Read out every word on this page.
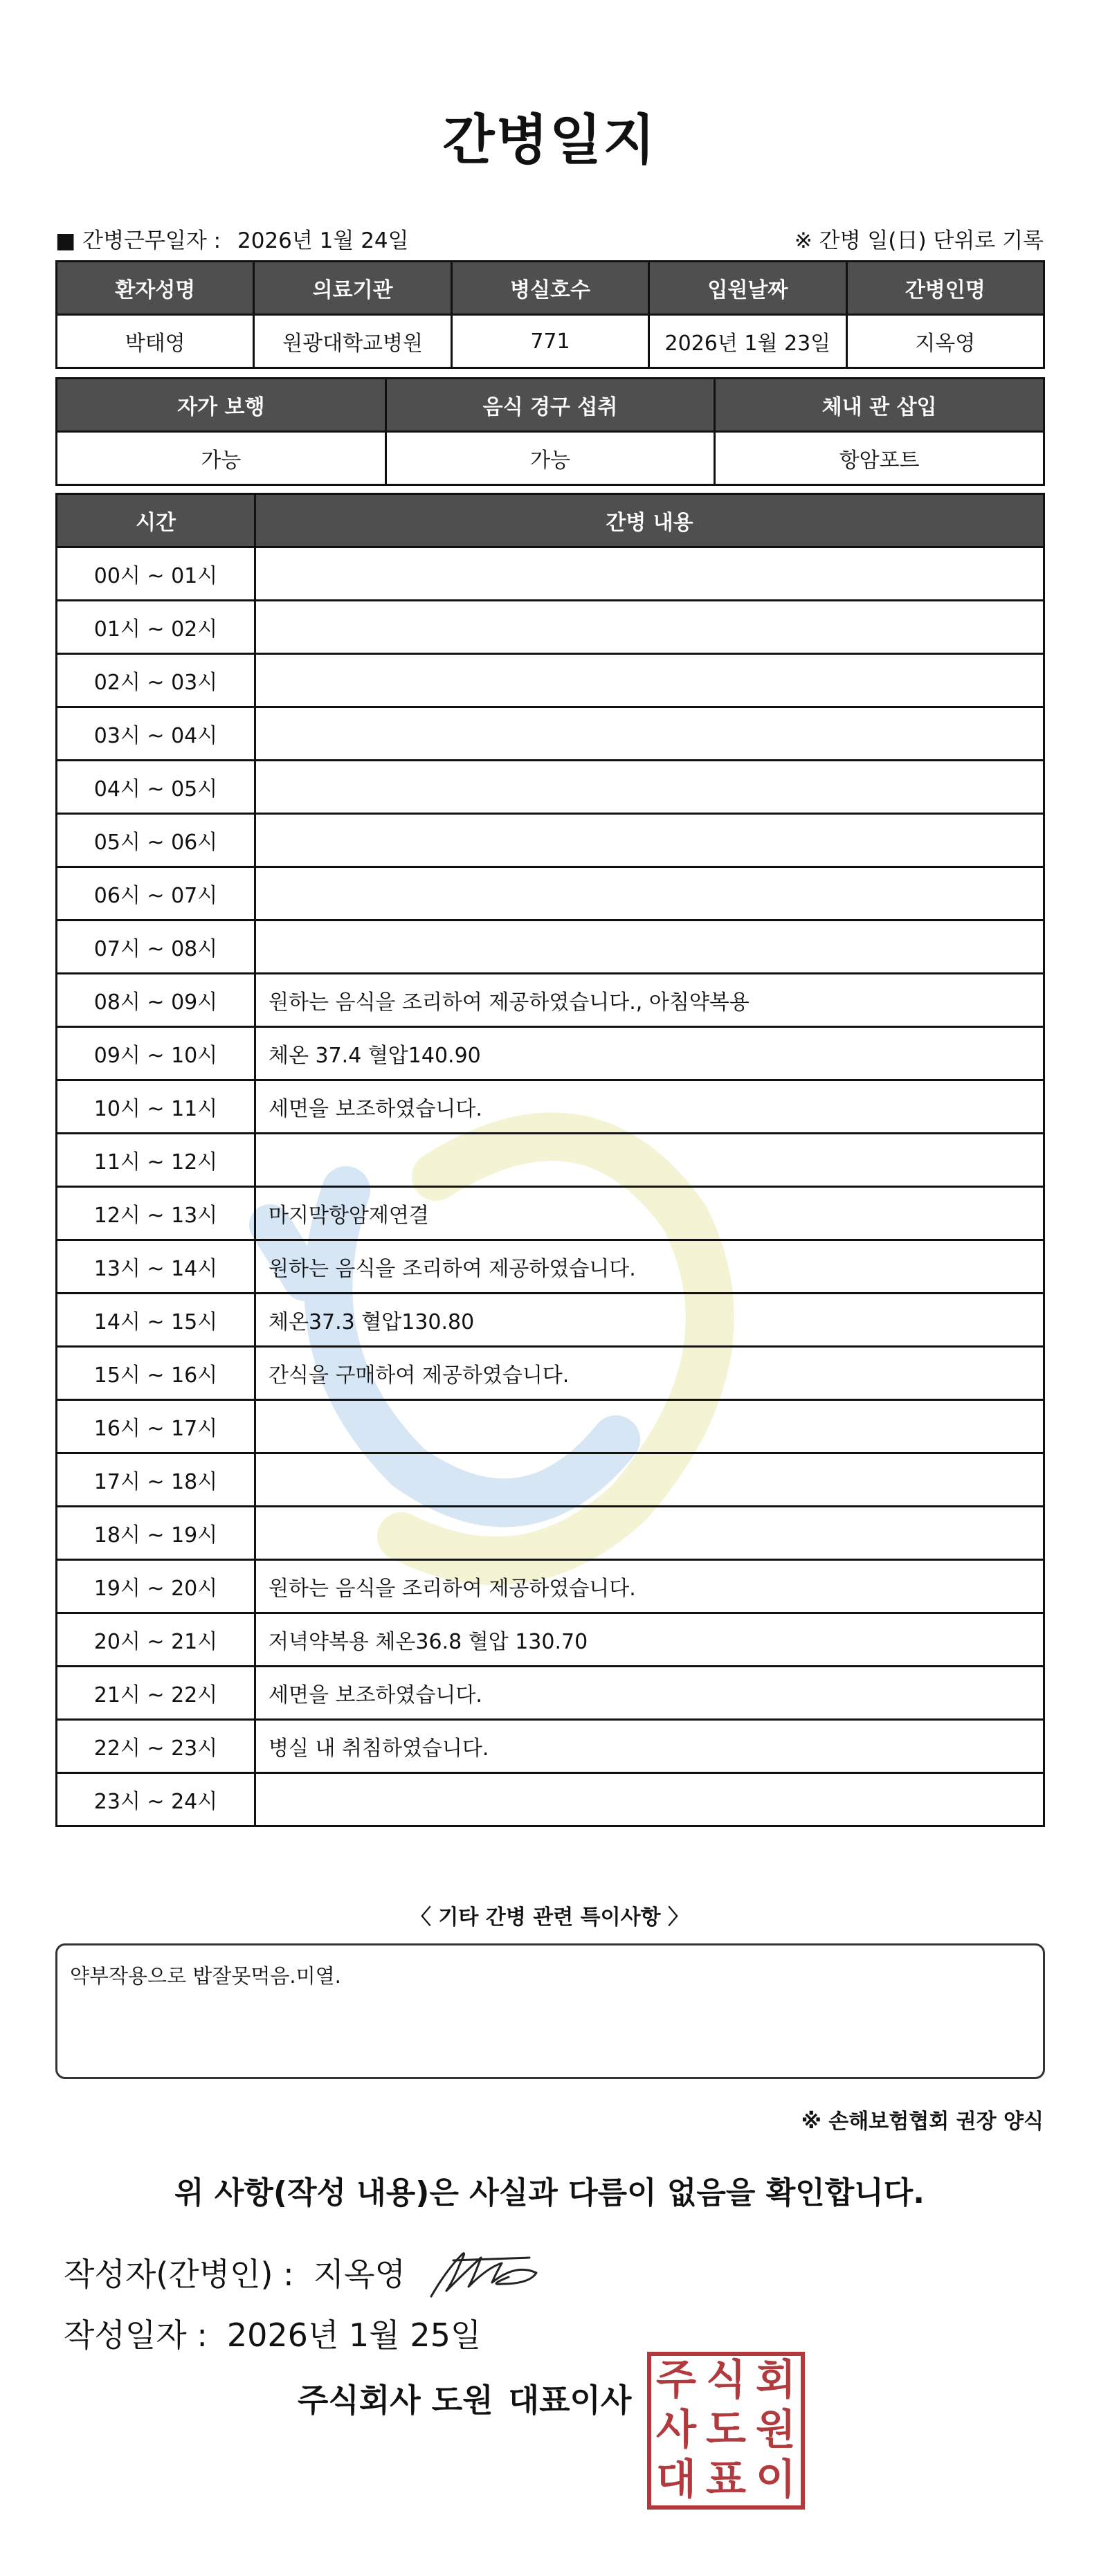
간병일지
■ 간병근무일자 : 2026년 1월 24일	※ 간병 일(日) 단위로 기록
환자성명	의료기관	병실호수	입원날짜	간병인명
박태영	원광대학교병원	771	2026년 1월 23일	지옥영
자가 보행	음식 경구 섭취	체내 관 삽입
가능	가능	항암포트
시간	간병 내용
00시 ~ 01시	
01시 ~ 02시	
02시 ~ 03시	
03시 ~ 04시	
04시 ~ 05시	
05시 ~ 06시	
06시 ~ 07시	
07시 ~ 08시	
08시 ~ 09시	원하는 음식을 조리하여 제공하였습니다., 아침약복용
09시 ~ 10시	체온 37.4 혈압140.90
10시 ~ 11시	세면을 보조하였습니다.
11시 ~ 12시	
12시 ~ 13시	마지막항암제연결
13시 ~ 14시	원하는 음식을 조리하여 제공하였습니다.
14시 ~ 15시	체온37.3 혈압130.80
15시 ~ 16시	간식을 구매하여 제공하였습니다.
16시 ~ 17시	
17시 ~ 18시	
18시 ~ 19시	
19시 ~ 20시	원하는 음식을 조리하여 제공하였습니다.
20시 ~ 21시	저녁약복용 체온36.8 혈압 130.70
21시 ~ 22시	세면을 보조하였습니다.
22시 ~ 23시	병실 내 취침하였습니다.
23시 ~ 24시	
〈 기타 간병 관련 특이사항 〉
약부작용으로 밥잘못먹음.미열.
※ 손해보험협회 권장 양식
위 사항(작성 내용)은 사실과 다름이 없음을 확인합니다.
작성자(간병인) : 지옥영
작성일자 : 2026년 1월 25일
주식회사 도원 대표이사 주 식 회
사 도 원
대 표 이
